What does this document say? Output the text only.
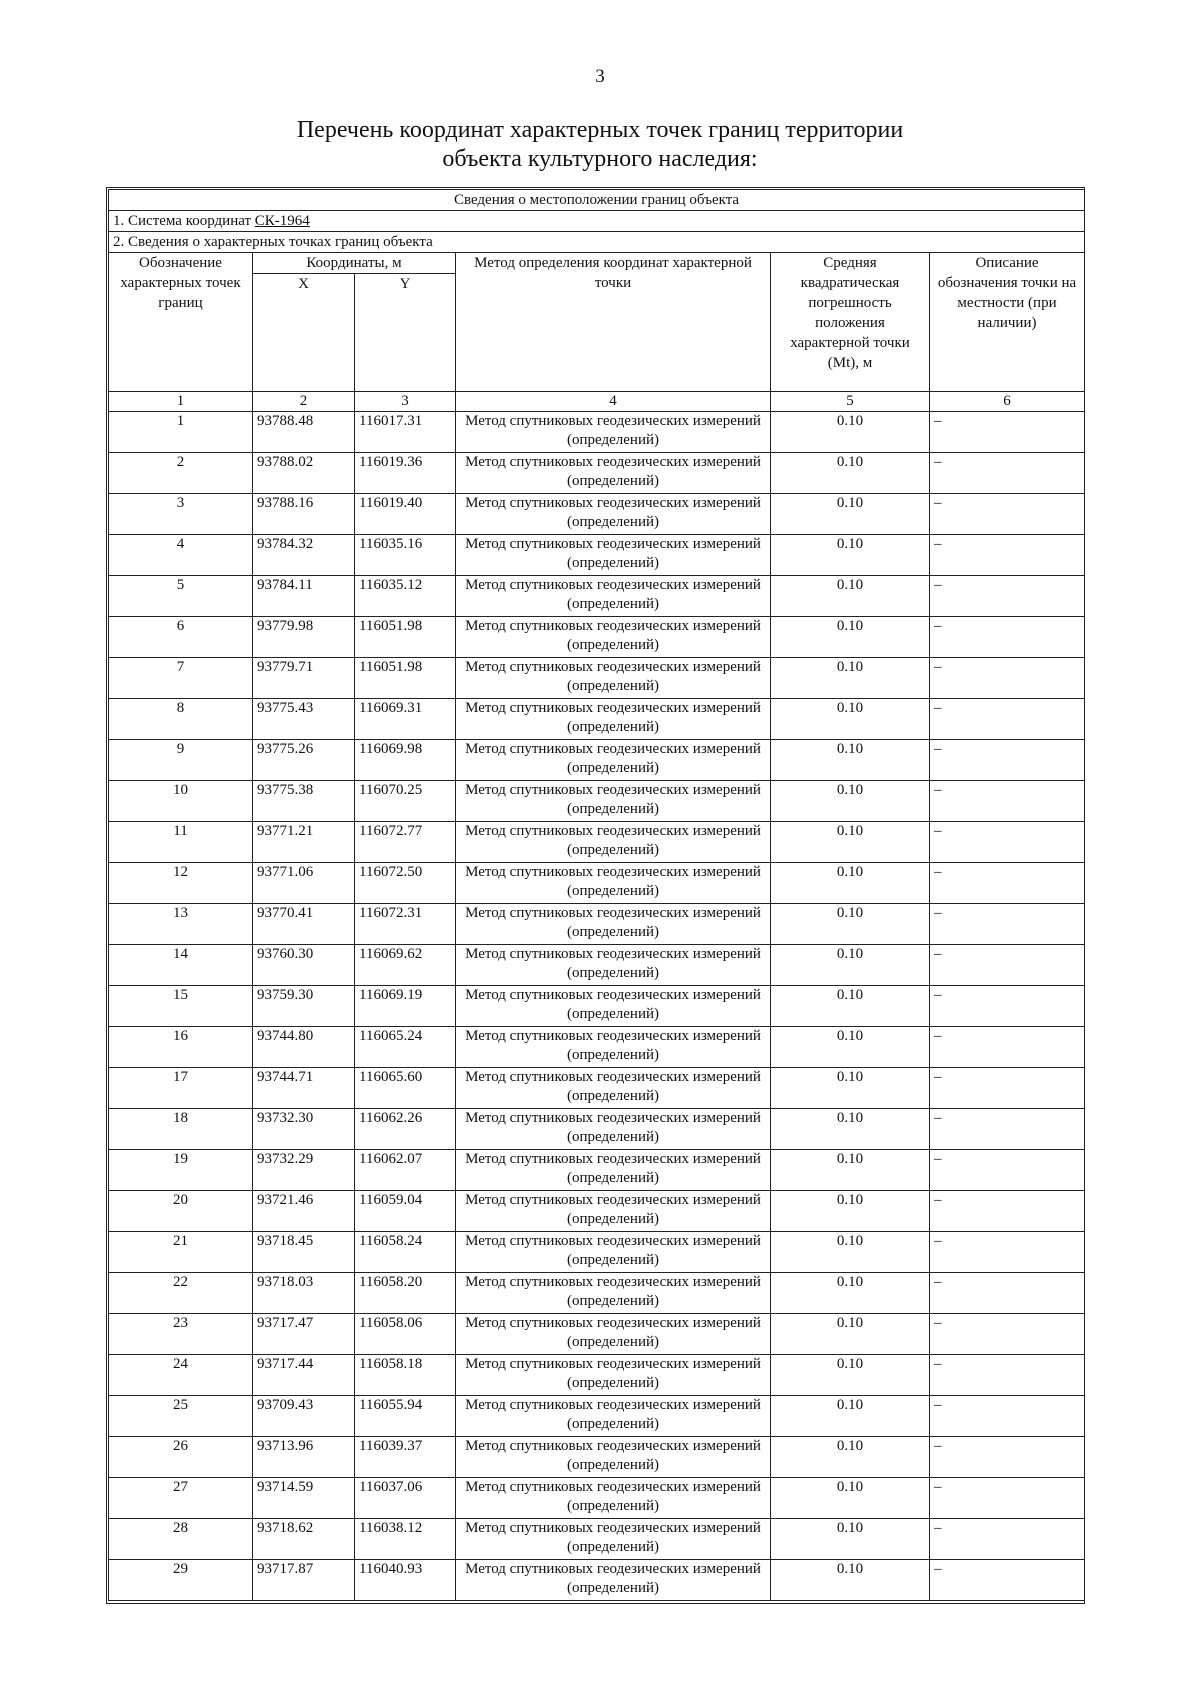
3
Перечень координат характерных точек границ территории
объекта культурного наследия:
Сведения о местоположении границ объекта					
1. Система координат СК-1964					
2. Сведения о характерных точках границ объекта					
Обозначение характерных точек границ	Координаты, м		Метод определения координат характерной точки	Средняя квадратическая погрешность положения характерной точки (Mt), м	Описание обозначения точки на местности (при наличии)
	X	Y			
1	2	3	4	5	6
1	93788.48	116017.31	Метод спутниковых геодезических измерений (определений)	0.10	–
2	93788.02	116019.36	Метод спутниковых геодезических измерений (определений)	0.10	–
3	93788.16	116019.40	Метод спутниковых геодезических измерений (определений)	0.10	–
4	93784.32	116035.16	Метод спутниковых геодезических измерений (определений)	0.10	–
5	93784.11	116035.12	Метод спутниковых геодезических измерений (определений)	0.10	–
6	93779.98	116051.98	Метод спутниковых геодезических измерений (определений)	0.10	–
7	93779.71	116051.98	Метод спутниковых геодезических измерений (определений)	0.10	–
8	93775.43	116069.31	Метод спутниковых геодезических измерений (определений)	0.10	–
9	93775.26	116069.98	Метод спутниковых геодезических измерений (определений)	0.10	–
10	93775.38	116070.25	Метод спутниковых геодезических измерений (определений)	0.10	–
11	93771.21	116072.77	Метод спутниковых геодезических измерений (определений)	0.10	–
12	93771.06	116072.50	Метод спутниковых геодезических измерений (определений)	0.10	–
13	93770.41	116072.31	Метод спутниковых геодезических измерений (определений)	0.10	–
14	93760.30	116069.62	Метод спутниковых геодезических измерений (определений)	0.10	–
15	93759.30	116069.19	Метод спутниковых геодезических измерений (определений)	0.10	–
16	93744.80	116065.24	Метод спутниковых геодезических измерений (определений)	0.10	–
17	93744.71	116065.60	Метод спутниковых геодезических измерений (определений)	0.10	–
18	93732.30	116062.26	Метод спутниковых геодезических измерений (определений)	0.10	–
19	93732.29	116062.07	Метод спутниковых геодезических измерений (определений)	0.10	–
20	93721.46	116059.04	Метод спутниковых геодезических измерений (определений)	0.10	–
21	93718.45	116058.24	Метод спутниковых геодезических измерений (определений)	0.10	–
22	93718.03	116058.20	Метод спутниковых геодезических измерений (определений)	0.10	–
23	93717.47	116058.06	Метод спутниковых геодезических измерений (определений)	0.10	–
24	93717.44	116058.18	Метод спутниковых геодезических измерений (определений)	0.10	–
25	93709.43	116055.94	Метод спутниковых геодезических измерений (определений)	0.10	–
26	93713.96	116039.37	Метод спутниковых геодезических измерений (определений)	0.10	–
27	93714.59	116037.06	Метод спутниковых геодезических измерений (определений)	0.10	–
28	93718.62	116038.12	Метод спутниковых геодезических измерений (определений)	0.10	–
29	93717.87	116040.93	Метод спутниковых геодезических измерений (определений)	0.10	–
